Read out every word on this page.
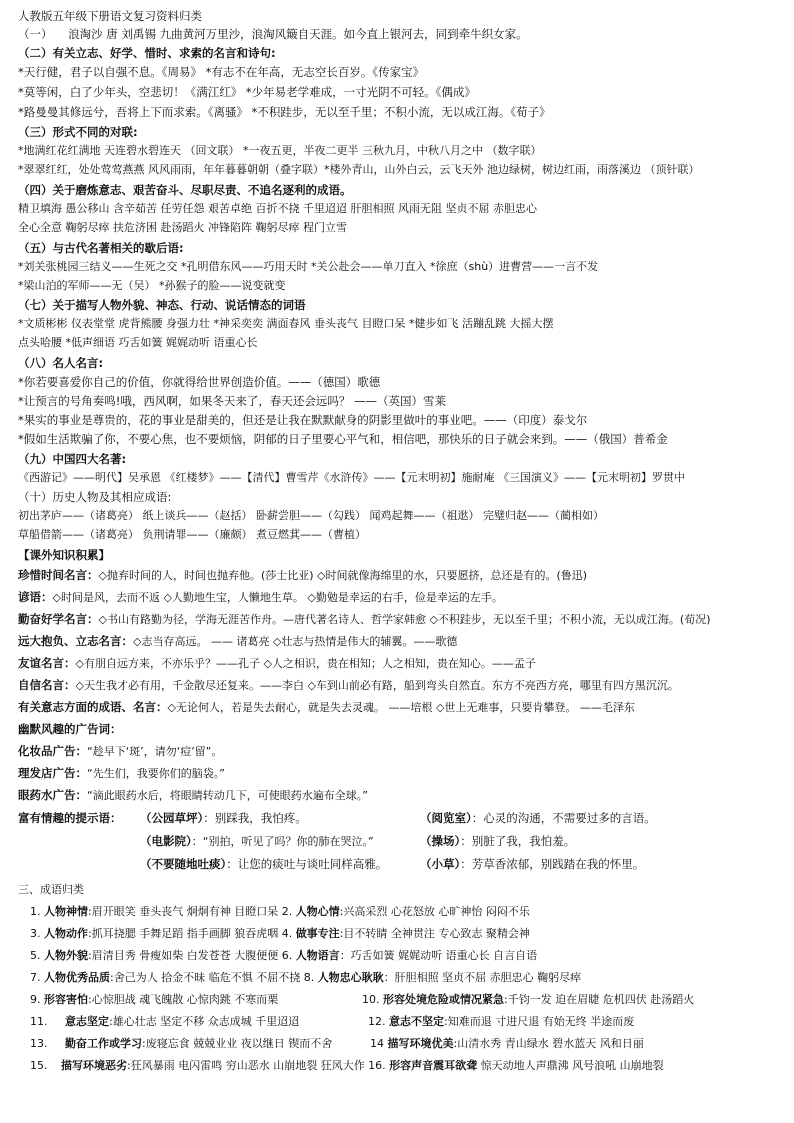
人教版五年级下册语文复习资料归类
（一） 浪淘沙 唐 刘禹锡 九曲黄河万里沙，浪淘风簸自天涯。如今直上银河去，同到牵牛织女家。
（二）有关立志、好学、惜时、求索的名言和诗句:
*天行健，君子以自强不息。《周易》 *有志不在年高，无志空长百岁。《传家宝》
*莫等闲，白了少年头，空悲切！《满江红》 *少年易老学难成，一寸光阴不可轻。《偶成》
*路曼曼其修远兮，吾将上下而求索。《离骚》 *不积跬步，无以至千里；不积小流，无以成江海。《荀子》
（三）形式不同的对联:
*地满红花红满地 天连碧水碧连天 （回文联） *一夜五更，半夜二更半 三秋九月，中秋八月之中 （数字联）
*翠翠红红，处处莺莺燕燕 风风雨雨，年年暮暮朝朝（叠字联）*楼外青山，山外白云，云飞天外 池边绿树，树边红雨，雨落溪边 （顶针联）
（四）关于磨炼意志、艰苦奋斗、尽职尽责、不追名逐利的成语。
精卫填海 愚公移山 含辛茹苦 任劳任怨 艰苦卓绝 百折不挠 千里迢迢 肝胆相照 风雨无阻 坚贞不屈 赤胆忠心
全心全意 鞠躬尽瘁 扶危济困 赴汤蹈火 冲锋陷阵 鞠躬尽瘁 程门立雪
（五）与古代名著相关的歇后语:
*刘关张桃园三结义——生死之交 *孔明借东风——巧用天时 *关公赴会——单刀直入 *徐庶（shù）进曹营——一言不发
*梁山泊的军师——无（吴） *孙猴子的脸——说变就变
（七）关于描写人物外貌、神态、行动、说话情态的词语
*文质彬彬 仪表堂堂 虎背熊腰 身强力壮 *神采奕奕 满面春风 垂头丧气 目瞪口呆 *健步如飞 活蹦乱跳 大摇大摆
点头哈腰 *低声细语 巧舌如簧 娓娓动听 语重心长
（八）名人名言:
*你若要喜爱你自己的价值，你就得给世界创造价值。——（德国）歌德
*让预言的号角奏鸣!哦，西风啊，如果冬天来了，春天还会远吗？ ——（英国）雪莱
*果实的事业是尊贵的，花的事业是甜美的，但还是让我在默默献身的阴影里做叶的事业吧。——（印度）泰戈尔
*假如生活欺骗了你，不要心焦，也不要烦恼，阴郁的日子里要心平气和，相信吧，那快乐的日子就会来到。——（俄国）普希金
（九）中国四大名著:
《西游记》——明代】吴承恩 《红楼梦》——【清代】曹雪芹《水浒传》——【元末明初】施耐庵 《三国演义》——【元末明初】罗贯中
（十）历史人物及其相应成语:
初出茅庐——（诸葛亮） 纸上谈兵——（赵括） 卧薪尝胆——（勾践） 闻鸡起舞——（祖逖） 完璧归赵——（蔺相如）
草船借箭——（诸葛亮） 负荆请罪——（廉颇） 煮豆燃萁——（曹植）
【课外知识积累】
珍惜时间名言：◇抛弃时间的人，时间也抛弃他。(莎士比亚) ◇时间就像海绵里的水，只要愿挤，总还是有的。(鲁迅)
谚语：◇时间是风，去而不返 ◇人勤地生宝，人懒地生草。 ◇勤勉是幸运的右手，俭是幸运的左手。
勤奋好学名言：◇书山有路勤为径，学海无涯苦作舟。—唐代著名诗人、哲学家韩愈 ◇不积跬步，无以至千里；不积小流，无以成江海。(荀况)
远大抱负、立志名言：◇志当存高远。 —— 诸葛亮 ◇壮志与热情是伟大的辅翼。——歌德
友谊名言：◇有朋自远方来，不亦乐乎？——孔子 ◇人之相识，贵在相知；人之相知，贵在知心。——孟子
自信名言：◇天生我才必有用，千金散尽还复来。——李白 ◇车到山前必有路，船到弯头自然直。东方不亮西方亮，哪里有四方黑沉沉。
有关意志方面的成语、名言：◇无论何人，若是失去耐心，就是失去灵魂。 ——培根 ◇世上无难事，只要肯攀登。 ——毛泽东
幽默风趣的广告词：
化妆品广告：“趁早下‘斑’，请勿‘痘’留”。
理发店广告：“先生们，我要你们的脑袋。”
眼药水广告：“滴此眼药水后，将眼睛转动几下，可使眼药水遍布全球。”
富有情趣的提示语： （公园草坪）：别踩我，我怕疼。	（阅览室）：心灵的沟通，不需要过多的言语。
（电影院）：“别拍，听见了吗？你的肺在哭泣。”	（操场）：别脏了我，我怕羞。
（不要随地吐痰）：让您的痰吐与谈吐同样高雅。	（小草）：芳草香浓郁，别践踏在我的怀里。
三、成语归类
1. 人物神情:眉开眼笑 垂头丧气 炯炯有神 目瞪口呆 2. 人物心情:兴高采烈 心花怒放 心旷神怡 闷闷不乐
3. 人物动作:抓耳挠腮 手舞足蹈 指手画脚 狼吞虎咽 4. 做事专注:目不转睛 全神贯注 专心致志 聚精会神
5. 人物外貌:眉清目秀 骨瘦如柴 白发苍苍 大腹便便 6. 人物语言：巧舌如簧 娓娓动听 语重心长 自言自语
7. 人物优秀品质:舍己为人 拾金不昧 临危不惧 不屈不挠 8. 人物忠心耿耿：肝胆相照 坚贞不屈 赤胆忠心 鞠躬尽瘁
9. 形容害怕:心惊胆战 魂飞魄散 心惊肉跳 不寒而栗	10. 形容处境危险或情况紧急:千钧一发 迫在眉睫 危机四伏 赴汤蹈火
11. 意志坚定:雄心壮志 坚定不移 众志成城 千里迢迢	12. 意志不坚定:知难而退 寸进尺退 有始无终 半途而废
13. 勤奋工作或学习:废寝忘食 兢兢业业 夜以继日 锲而不舍	14 描写环境优美:山清水秀 青山绿水 碧水蓝天 风和日丽
15. 描写环境恶劣:狂风暴雨 电闪雷鸣 穷山恶水 山崩地裂 狂风大作 16. 形容声音震耳欲聋 惊天动地人声鼎沸 风号浪吼 山崩地裂
